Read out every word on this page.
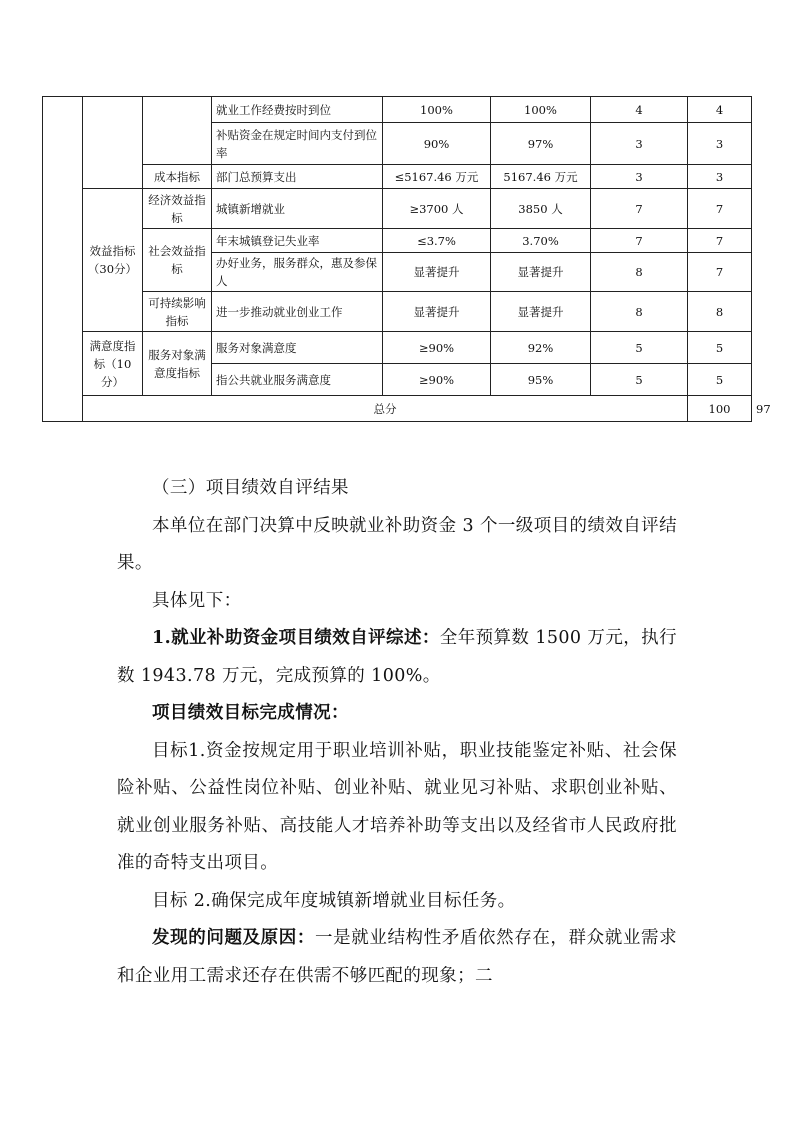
			就业工作经费按时到位	100%	100%	4	4	
			补贴资金在规定时间内支付到位率	90%	97%	3	3	
		成本指标	部门总预算支出	≤5167.46 万元	5167.46 万元	3	3	
	效益指标（30分）	经济效益指标	城镇新增就业	≥3700 人	3850 人	7	7	
		社会效益指标	年末城镇登记失业率	≤3.7%	3.70%	7	7	
			办好业务，服务群众，惠及参保人	显著提升	显著提升	8	7	
		可持续影响指标	进一步推动就业创业工作	显著提升	显著提升	8	8	
	满意度指标（10分）	服务对象满意度指标	服务对象满意度	≥90%	92%	5	5	
			指公共就业服务满意度	≥90%	95%	5	5	
	总分						100	97

（三）项目绩效自评结果

本单位在部门决算中反映就业补助资金 3 个一级项目的绩效自评结果。

具体见下：

1.就业补助资金项目绩效自评综述：全年预算数 1500 万元，执行数 1943.78 万元，完成预算的 100%。

项目绩效目标完成情况：

目标1.资金按规定用于职业培训补贴，职业技能鉴定补贴、社会保险补贴、公益性岗位补贴、创业补贴、就业见习补贴、求职创业补贴、就业创业服务补贴、高技能人才培养补助等支出以及经省市人民政府批准的奇特支出项目。

目标 2.确保完成年度城镇新增就业目标任务。

发现的问题及原因：一是就业结构性矛盾依然存在，群众就业需求和企业用工需求还存在供需不够匹配的现象；二
